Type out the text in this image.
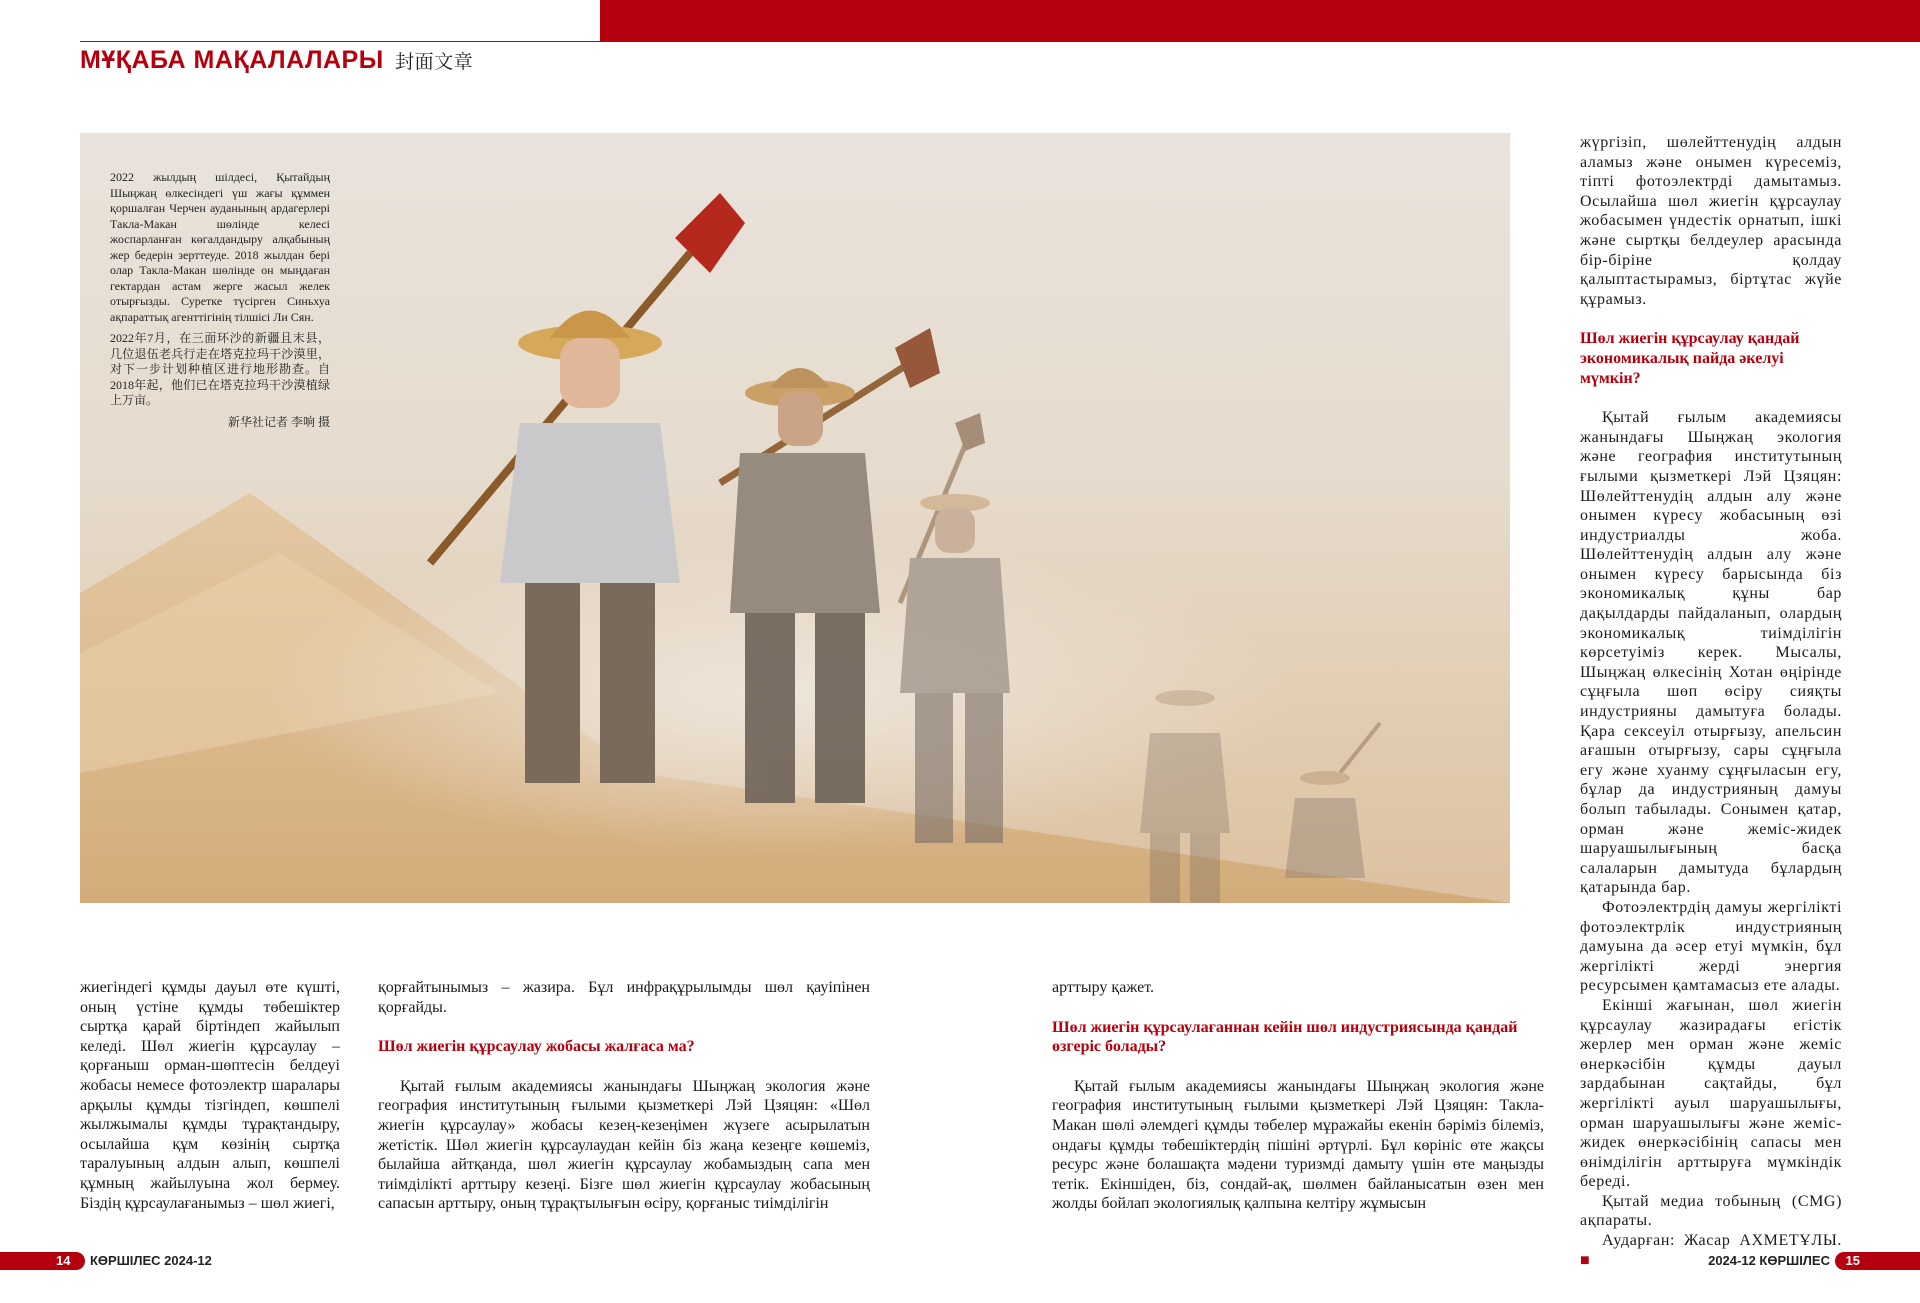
МҰҚАБА МАҚАЛАЛАРЫ 封面文章

2022 жылдың шілдесі, Қытайдың Шыңжаң өлкесіндегі үш жағы құммен қоршалған Черчен ауданының ардагерлері Такла-Макан шөлінде келесі жоспарланған көгалдандыру алқабының жер бедерін зерттеуде. 2018 жылдан бері олар Такла-Макан шөлінде он мыңдаған гектардан астам жерге жасыл желек отырғызды. Суретке түсірген Синьхуа ақпараттық агенттігінің тілшісі Ли Сян.

2022年7月，在三面环沙的新疆且末县，几位退伍老兵行走在塔克拉玛干沙漠里，对下一步计划种植区进行地形勘查。自2018年起，他们已在塔克拉玛干沙漠植绿上万亩。

新华社记者 李响 摄

жиегіндегі құмды дауыл өте күшті, оның үстіне құмды төбешіктер сыртқа қарай біртіндеп жайылып келеді. Шөл жиегін құрсаулау – қорғаныш орман-шөптесін белдеуі жобасы немесе фотоэлектр шаралары арқылы құмды тізгіндеп, көшпелі жылжымалы құмды тұрақтандыру, осылайша құм көзінің сыртқа таралуының алдын алып, көшпелі құмның жайылуына жол бермеу. Біздің құрсаулағанымыз – шөл жиегі,

қорғайтынымыз – жазира. Бұл инфрақұрылымды шөл қауіпінен қорғайды.

Шөл жиегін құрсаулау жобасы жалғаса ма?

Қытай ғылым академиясы жанындағы Шыңжаң экология және география институтының ғылыми қызметкері Лэй Цзяцян: «Шөл жиегін құрсаулау» жобасы кезең-кезеңімен жүзеге асырылатын жетістік. Шөл жиегін құрсаулаудан кейін біз жаңа кезеңге көшеміз, былайша айтқанда, шөл жиегін құрсаулау жобамыздың сапа мен тиімділікті арттыру кезеңі. Бізге шөл жиегін құрсаулау жобасының сапасын арттыру, оның тұрақтылығын өсіру, қорғаныс тиімділігін

арттыру қажет.

Шөл жиегін құрсаулағаннан кейін шөл индустриясында қандай өзгеріс болады?

Қытай ғылым академиясы жанындағы Шыңжаң экология және география институтының ғылыми қызметкері Лэй Цзяцян: Такла-Макан шөлі әлемдегі құмды төбелер мұражайы екенін бәріміз білеміз, ондағы құмды төбешіктердің пішіні әртүрлі. Бұл көрініс өте жақсы ресурс және болашақта мәдени туризмді дамыту үшін өте маңызды тетік. Екіншіден, біз, сондай-ақ, шөлмен байланысатын өзен мен жолды бойлап экологиялық қалпына келтіру жұмысын

жүргізіп, шөлейттенудің алдын аламыз және онымен күресеміз, тіпті фотоэлектрді дамытамыз. Осылайша шөл жиегін құрсаулау жобасымен үндестік орнатып, ішкі және сыртқы белдеулер арасында бір-біріне қолдау қалыптастырамыз, біртұтас жүйе құрамыз.

Шөл жиегін құрсаулау қандай экономикалық пайда әкелуі мүмкін?

Қытай ғылым академиясы жанындағы Шыңжаң экология және география институтының ғылыми қызметкері Лэй Цзяцян: Шөлейттенудің алдын алу және онымен күресу жобасының өзі индустриалды жоба. Шөлейттенудің алдын алу және онымен күресу барысында біз экономикалық құны бар дақылдарды пайдаланып, олардың экономикалық тиімділігін көрсетуіміз керек. Мысалы, Шыңжаң өлкесінің Хотан өңірінде сұңғыла шөп өсіру сияқты индустрияны дамытуға болады. Қара сексеуіл отырғызу, апельсин ағашын отырғызу, сары сұңғыла егу және хуанму сұңғыласын егу, бұлар да индустрияның дамуы болып табылады. Сонымен қатар, орман және жеміс-жидек шаруашылығының басқа салаларын дамытуда бұлардың қатарында бар.

Фотоэлектрдің дамуы жергілікті фотоэлектрлік индустрияның дамуына да әсер етуі мүмкін, бұл жергілікті жерді энергия ресурсымен қамтамасыз ете алады.

Екінші жағынан, шөл жиегін құрсаулау жазирадағы егістік жерлер мен орман және жеміс өнеркәсібін құмды дауыл зардабынан сақтайды, бұл жергілікті ауыл шаруашылығы, орман шаруашылығы және жеміс-жидек өнеркәсібінің сапасы мен өнімділігін арттыруға мүмкіндік береді.

Қытай медиа тобының (CMG) ақпараты.

Аударған: Жасар АХМЕТҰЛЫ. ■

14 КӨРШІЛЕС 2024-12	2024-12 КӨРШІЛЕС 15
